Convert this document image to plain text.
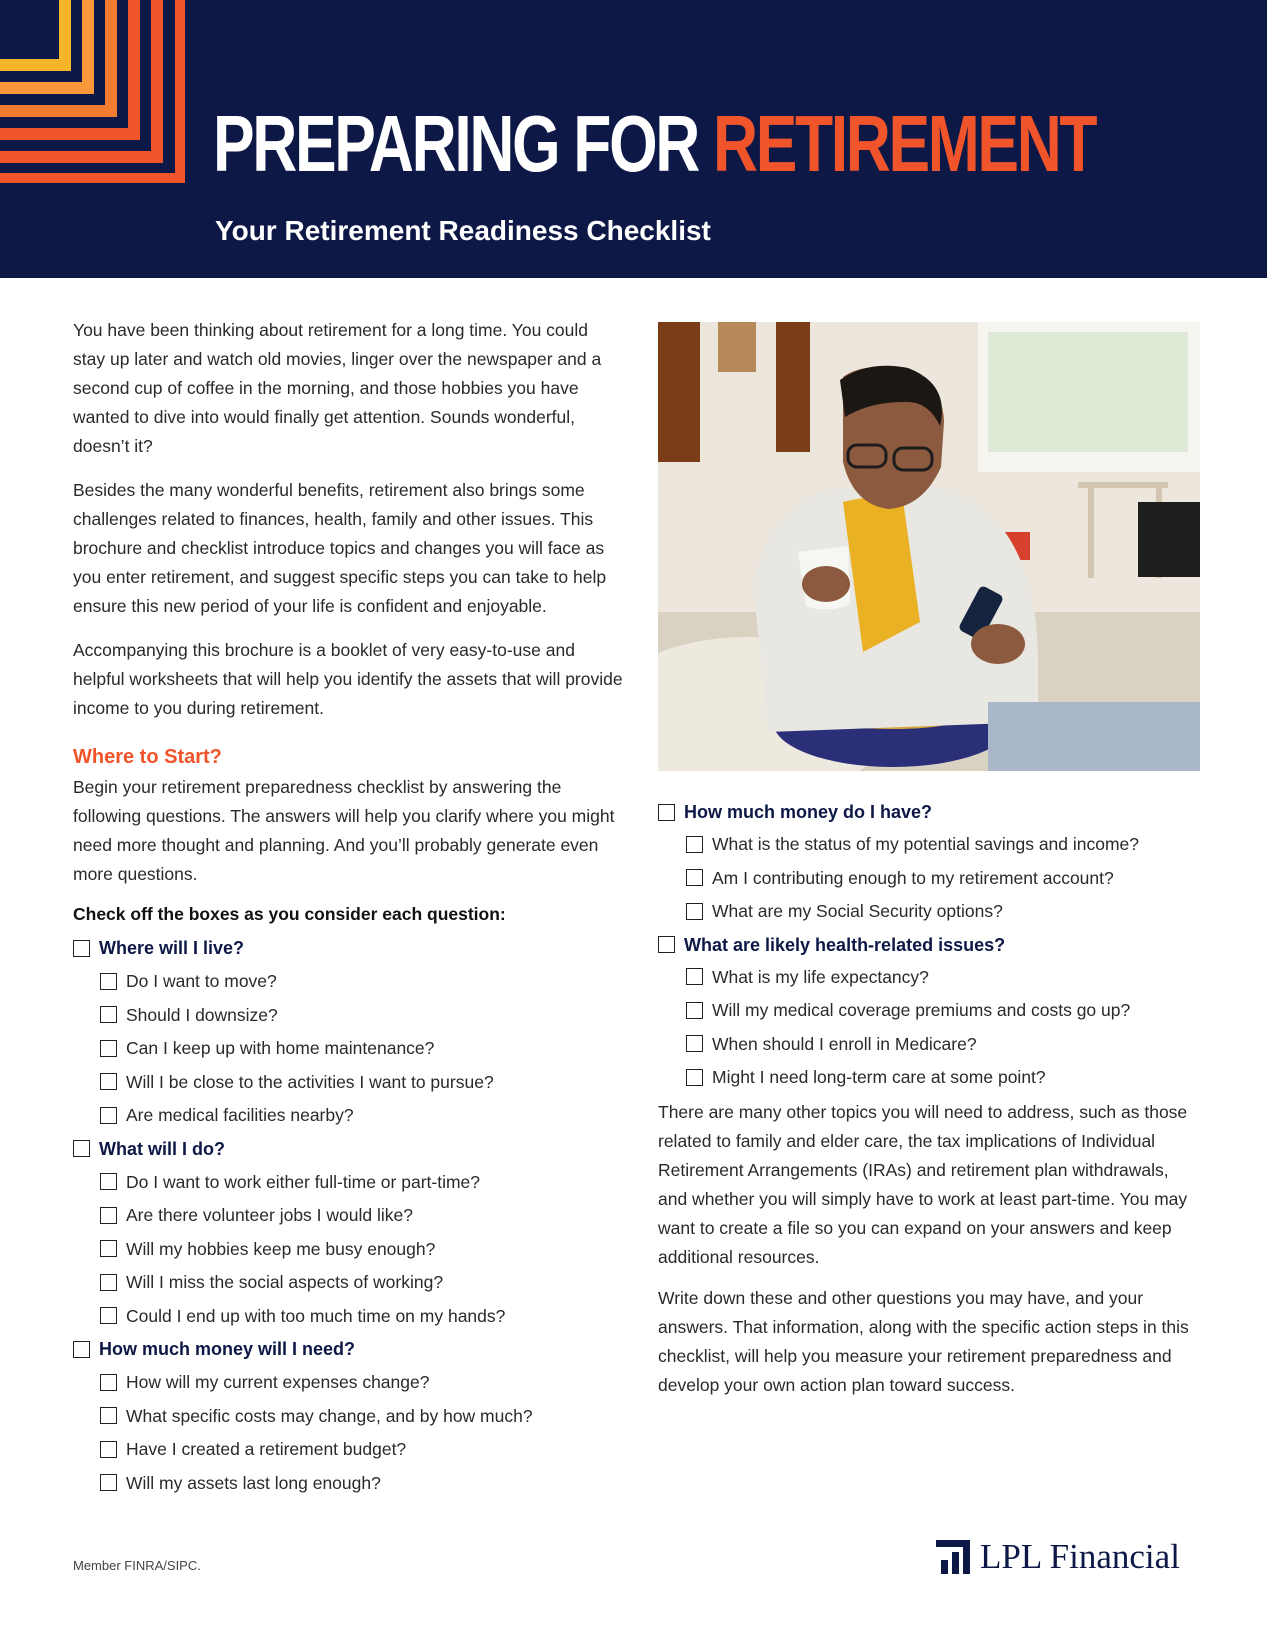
PREPARING FOR RETIREMENT
Your Retirement Readiness Checklist

You have been thinking about retirement for a long time. You could stay up later and watch old movies, linger over the newspaper and a second cup of coffee in the morning, and those hobbies you have wanted to dive into would finally get attention. Sounds wonderful, doesn’t it?

Besides the many wonderful benefits, retirement also brings some challenges related to finances, health, family and other issues. This brochure and checklist introduce topics and changes you will face as you enter retirement, and suggest specific steps you can take to help ensure this new period of your life is confident and enjoyable.

Accompanying this brochure is a booklet of very easy-to-use and helpful worksheets that will help you identify the assets that will provide income to you during retirement.

Where to Start?

Begin your retirement preparedness checklist by answering the following questions. The answers will help you clarify where you might need more thought and planning. And you’ll probably generate even more questions.

Check off the boxes as you consider each question:
Where will I live?
Do I want to move?
Should I downsize?
Can I keep up with home maintenance?
Will I be close to the activities I want to pursue?
Are medical facilities nearby?
What will I do?
Do I want to work either full-time or part-time?
Are there volunteer jobs I would like?
Will my hobbies keep me busy enough?
Will I miss the social aspects of working?
Could I end up with too much time on my hands?
How much money will I need?
How will my current expenses change?
What specific costs may change, and by how much?
Have I created a retirement budget?
Will my assets last long enough?
How much money do I have?
What is the status of my potential savings and income?
Am I contributing enough to my retirement account?
What are my Social Security options?
What are likely health-related issues?
What is my life expectancy?
Will my medical coverage premiums and costs go up?
When should I enroll in Medicare?
Might I need long-term care at some point?

There are many other topics you will need to address, such as those related to family and elder care, the tax implications of Individual Retirement Arrangements (IRAs) and retirement plan withdrawals, and whether you will simply have to work at least part-time. You may want to create a file so you can expand on your answers and keep additional resources.

Write down these and other questions you may have, and your answers. That information, along with the specific action steps in this checklist, will help you measure your retirement preparedness and develop your own action plan toward success.

Member FINRA/SIPC.	LPL Financial
